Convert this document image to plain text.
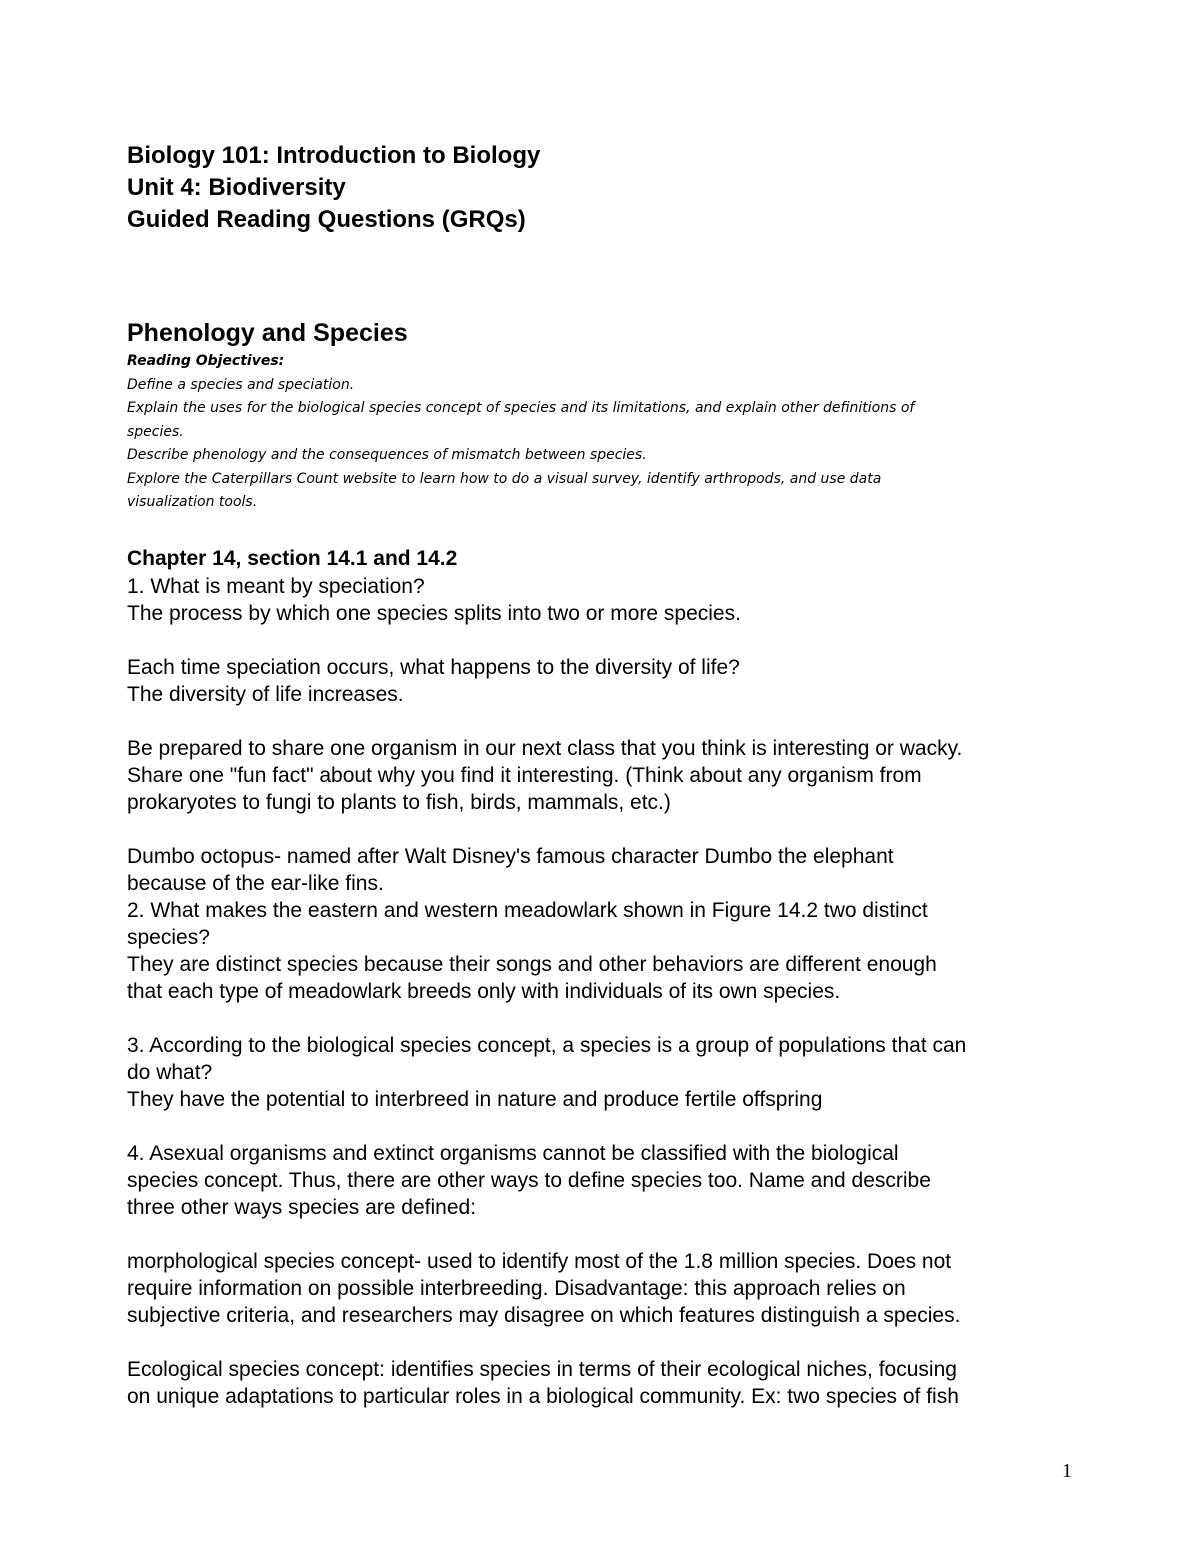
Biology 101: Introduction to Biology
Unit 4: Biodiversity
Guided Reading Questions (GRQs)
Phenology and Species
Reading Objectives:
Define a species and speciation.
Explain the uses for the biological species concept of species and its limitations, and explain other definitions of
species.
Describe phenology and the consequences of mismatch between species.
Explore the Caterpillars Count website to learn how to do a visual survey, identify arthropods, and use data
visualization tools.
Chapter 14, section 14.1 and 14.2
1. What is meant by speciation?
The process by which one species splits into two or more species.
Each time speciation occurs, what happens to the diversity of life?
The diversity of life increases.
Be prepared to share one organism in our next class that you think is interesting or wacky.
Share one "fun fact" about why you find it interesting. (Think about any organism from
prokaryotes to fungi to plants to fish, birds, mammals, etc.)
Dumbo octopus- named after Walt Disney's famous character Dumbo the elephant
because of the ear-like fins.
2. What makes the eastern and western meadowlark shown in Figure 14.2 two distinct
species?
They are distinct species because their songs and other behaviors are different enough
that each type of meadowlark breeds only with individuals of its own species.
3. According to the biological species concept, a species is a group of populations that can
do what?
They have the potential to interbreed in nature and produce fertile offspring
4. Asexual organisms and extinct organisms cannot be classified with the biological
species concept. Thus, there are other ways to define species too. Name and describe
three other ways species are defined:
morphological species concept- used to identify most of the 1.8 million species. Does not
require information on possible interbreeding. Disadvantage: this approach relies on
subjective criteria, and researchers may disagree on which features distinguish a species.
Ecological species concept: identifies species in terms of their ecological niches, focusing
on unique adaptations to particular roles in a biological community. Ex: two species of fish
1
